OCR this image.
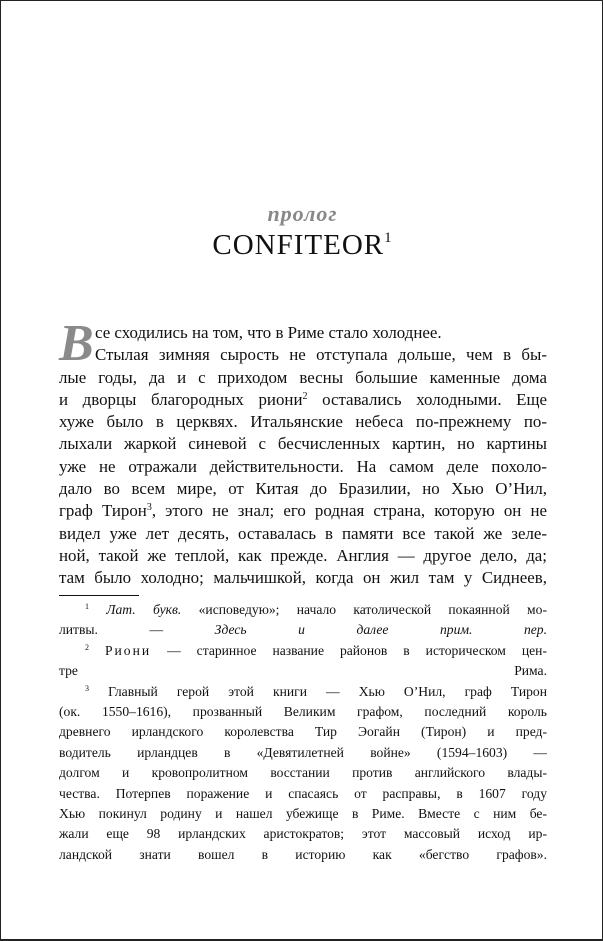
пролог
CONFITEOR$^1$
В се сходились на том, что в Риме стало холоднее.
Стылая зимняя сырость не отступала дольше, чем в бы-
лые годы, да и с приходом весны большие каменные дома
и дворцы благородных риони$^2$ оставались холодными. Еще
хуже было в церквях. Итальянские небеса по-прежнему по-
лыхали жаркой синевой с бесчисленных картин, но картины
уже не отражали действительности. На самом деле похоло-
дало во всем мире, от Китая до Бразилии, но Хью О’Нил,
граф Тирон$^3$, этого не знал; его родная страна, которую он не
видел уже лет десять, оставалась в памяти все такой же зеле-
ной, такой же теплой, как прежде. Англия — другое дело, да;
там было холодно; мальчишкой, когда он жил там у Сиднеев,
$^1$ Лат. букв. «исповедую»; начало католической покаянной мо-
литвы. —	Здесь и далее прим. пер.
$^2$ Риони — старинное название районов в историческом цен-
тре Рима.
$^3$ Главный герой этой книги — Хью О’Нил, граф Тирон
(ок. 1550–1616), прозванный Великим графом, последний король
древнего ирландского королевства Тир Эогайн (Тирон) и пред-
водитель ирландцев в «Девятилетней войне» (1594–1603) —
долгом и кровопролитном восстании против английского влады-
чества. Потерпев поражение и спасаясь от расправы, в 1607 году
Хью покинул родину и нашел убежище в Риме. Вместе с ним бе-
жали еще 98 ирландских аристократов; этот массовый исход ир-
ландской знати вошел в историю как «бегство графов».
